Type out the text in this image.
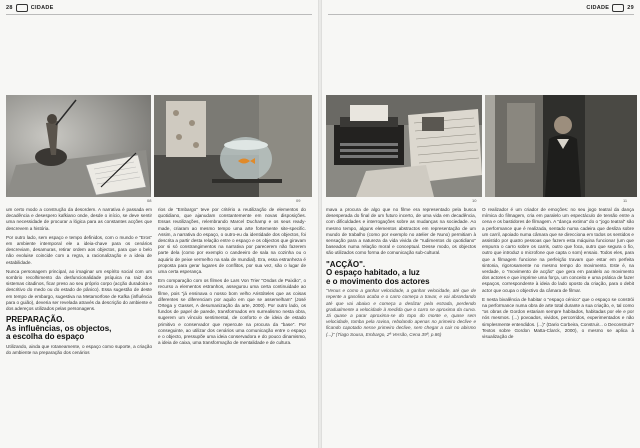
28	CIDADE
08	09

um certo modo a construção da desordem. A narrativa é passada em decadência e desespero kafkiano onde, desde o início, se deve sentir uma necessidade de procurar a lógica para as constantes acções que descrevem a história.

Por outro lado, sem espaço e tempo definidos, com o mundo e "Eros" em ambiente intemporal ele a ideia-chave para os cenários descreviam, desamuras, retirar ordem aos objectos, para que o belo não evoluise coincide com a regra, a racionalização e a ideia de estabilidade.

Nunca personagem principal, ao imaginar um espírito social com um sombrio recolhimento da desfuncionalidade psíquica na raiz dos sistemas citadinos, ficar preso ao seu próprio corpo (acção duradoira e descritivo do medo ou do estado de pânico). Essa sugestão de deste em tempo de embargo, sugestiva na Metamorfose de Kafka (influência para o guião), deveria ser revelada através da descrição do ambiente e dos adereços utilizados pelas personagens.

PREPARAÇÃO.
As influências, os objectos,
a escolha do espaço

Utilizando, ainda que rotaneamente, o espaço como suporte, a criação do ambiente na preparação dos cenários

rios de "Embargo" teve por critério a reutilização de elementos do quotidiano, que ajanudam constantemente em novas disposições. Essas reutilizações, relembrando Marcel Duchamp e os seus ready-made, criaram ao mesmo tempo uma arte fortemente site-specific. Assim, a narrativa do espaço, o outro-eu da identidade dos objectos, foi descrita a partir desta relação entre o espaço e os objectos que giravam por si só constrangimentos na narrativa por parecerem não fazerem parte dela (como por exemplo o candeeiro de sala na cozinha ou o aquário de peixe vermelho na sala de mundial). Era, essa estranheza é proposta para gerar lugares de conflitos, por sua vez, são o lugar de uma certa esperança.

Em comparação com os filmes de Lars Von Trier "Ondas de Paixão", o recurso a elementos estranhos, assegurou uma certa continuidade ao filme, pois "já ensinava o nosso bom velho Aristóteles que as coisas diferentes se diferenciam por aquilo em que se assemelham" (José Ortega y Gasset, A desumanização da arte, 2000). Por outro lado, os fundos de papel de parede, transformados em surrealismo nesta obra, sugerem um vínculo sentimental, de conforto e de ideia de estado primitivo e conservador que repercute na procura da "base". Por conseguinte, ao utilizar dos cenários uma comunicação entre o espaço e o objecto, pressupõe uma ideia conservadora e do pouco dinamismo, a ideia de caixa, uma transformação de mentalidade e de cultura.

CIDADE	29
10	11

mava a procura de algo que no filme era representado pela busca desesperada do final de um futuro incerto, de uma vida em decadência, com dificuldades e interrogações sobre as mudanças na sociedade. Ao mesmo tempo, alguns elementos abstractos em representação de um mundo de trabalho (como por exemplo no atelier de Nuno) permitiam à sensação para a natureza da vida vivida de "rudimentos do quotidiano" baseados numa relação moral e conceptual. Desse modo, os objectos são utilizados como forma de comunicação sub-cultural.

"ACÇÃO".
O espaço habitado, a luz
e o movimento dos actores

"Venus e como a ganhar velocidade, a ganhar velocidade, até que de repente a gasolina acaba e o carro começa a travar, e vai abrandando até que vai abaixo e começa a deslizar pela estrada, perdendo gradualmente a velocidade à medida que o carro se aproxima da curva. Já quase a parar aproxima-se do topo do monte e, quase sem velocidade, tomba pela ravina, rebolando apenas no primeiro declive e ficando capotado nesse primeiro declive, sem chegar a cair no abismo (...)" (Tiago Sousa, Embargo, 2ª Versão, Cena 39ª, p.86)

O realizador é um criador de emoções: no seu jogo teatral da dança mímica do filmagem, cria em paralelo um espectáculo de tensão entre a cena e os bastidores de filmagem. A "dança extima" do o "jogo teatral" são a performance que é realizada, sentado numa cadeira que desliza sobre um carril, apoiado numa câmara que se direcciona em todos os sentidos e assistido por quatro pessoas que fazem esta máquina funcionar (um que empurra o carro sobre os carris, outro que foca, outro que segura o fio, outro que introduz o microfone que capta o som) ensaio. Todos eles, para que a filmagem funcione na perfeição travam que estar em perfeita sintonia, rigorosamente no mesmo tempo do movimento. Este é, na verdade, o "movimento de acção" que gera em paralelo ao movimento dos actores e que imprime uma força, um conceito e uma prática de fazer espaços, correspondente à ideia do lado oposto da criação, para o debit actor que ocupa o objectivo da câmara de filmar.

E nesta bivalência de habitar o "espaço cénico" que o espaço se constrói na performance numa obra de arte total durante a sua criação, e, tal como "os obras de Gordon estariam sempre habitados, habitadas por ele e por nós mesmos. (...) povoados, vividos, percorridos, experimentados e não simplesmente entendidos. (...)" (Dario Corbeira, Construir... o Deconstruir? Textos sobre Gordon Matta-Clarck, 2000), o mesmo se aplica à visualização de
